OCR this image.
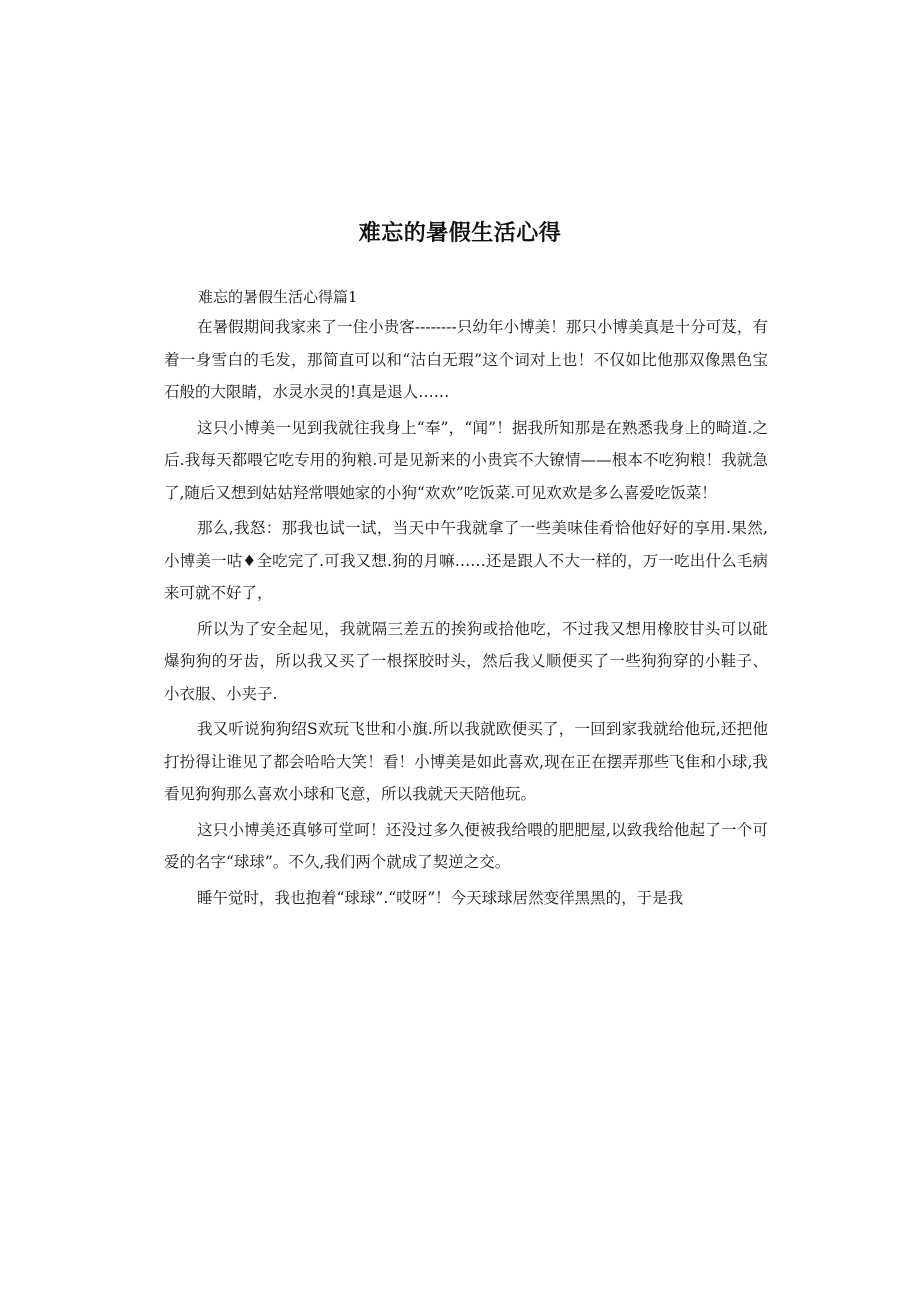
难忘的暑假生活心得

难忘的暑假生活心得篇1

在暑假期间我家来了一住小贵客--------只幼年小博美！那只小博美真是十分可芨，有着一身雪白的毛发，那简直可以和“沽白无瑕”这个词对上也！不仅如比他那双像黑色宝石般的大限睛，水灵水灵的!真是退人……

这只小博美一见到我就往我身上“奉”，“闻”！据我所知那是在熟悉我身上的畸道.之后.我每天都喂它吃专用的狗粮.可是见新来的小贵宾不大镣情——根本不吃狗粮！我就急了,随后又想到姑姑羟常喂她家的小狗“欢欢”吃饭菜.可见欢欢是多么喜爱吃饭菜！

那么,我怒：那我也试一试，当天中午我就拿了一些美味佳肴恰他好好的享用.果然,小博美一咕♦全吃完了.可我又想.狗的月嘛……还是跟人不大一样的，万一吃出什么毛病来可就不好了，

所以为了安全起见，我就隔三差五的挨狗或拾他吃，不过我又想用橡胶甘头可以砒爆狗狗的牙齿，所以我又买了一根探胶时头，然后我乂顺便买了一些狗狗穿的小鞋子、小衣服、小夹子.

我又听说狗狗绍S欢玩飞世和小旗.所以我就欧便买了，一回到家我就给他玩,还把他打扮得让谁见了都会哈哈大笑！看！小博美是如此喜欢,现在正在摆弄那些飞隹和小球,我看见狗狗那么喜欢小球和飞意，所以我就天天陪他玩。

这只小博美还真够可堂呵！还没过多久便被我给喂的肥肥屋,以致我给他起了一个可爱的名字“球球”。不久,我们两个就成了契逆之交。

睡午觉时，我也抱着“球球”.“哎呀”！今天球球居然变徉黑黑的，于是我
